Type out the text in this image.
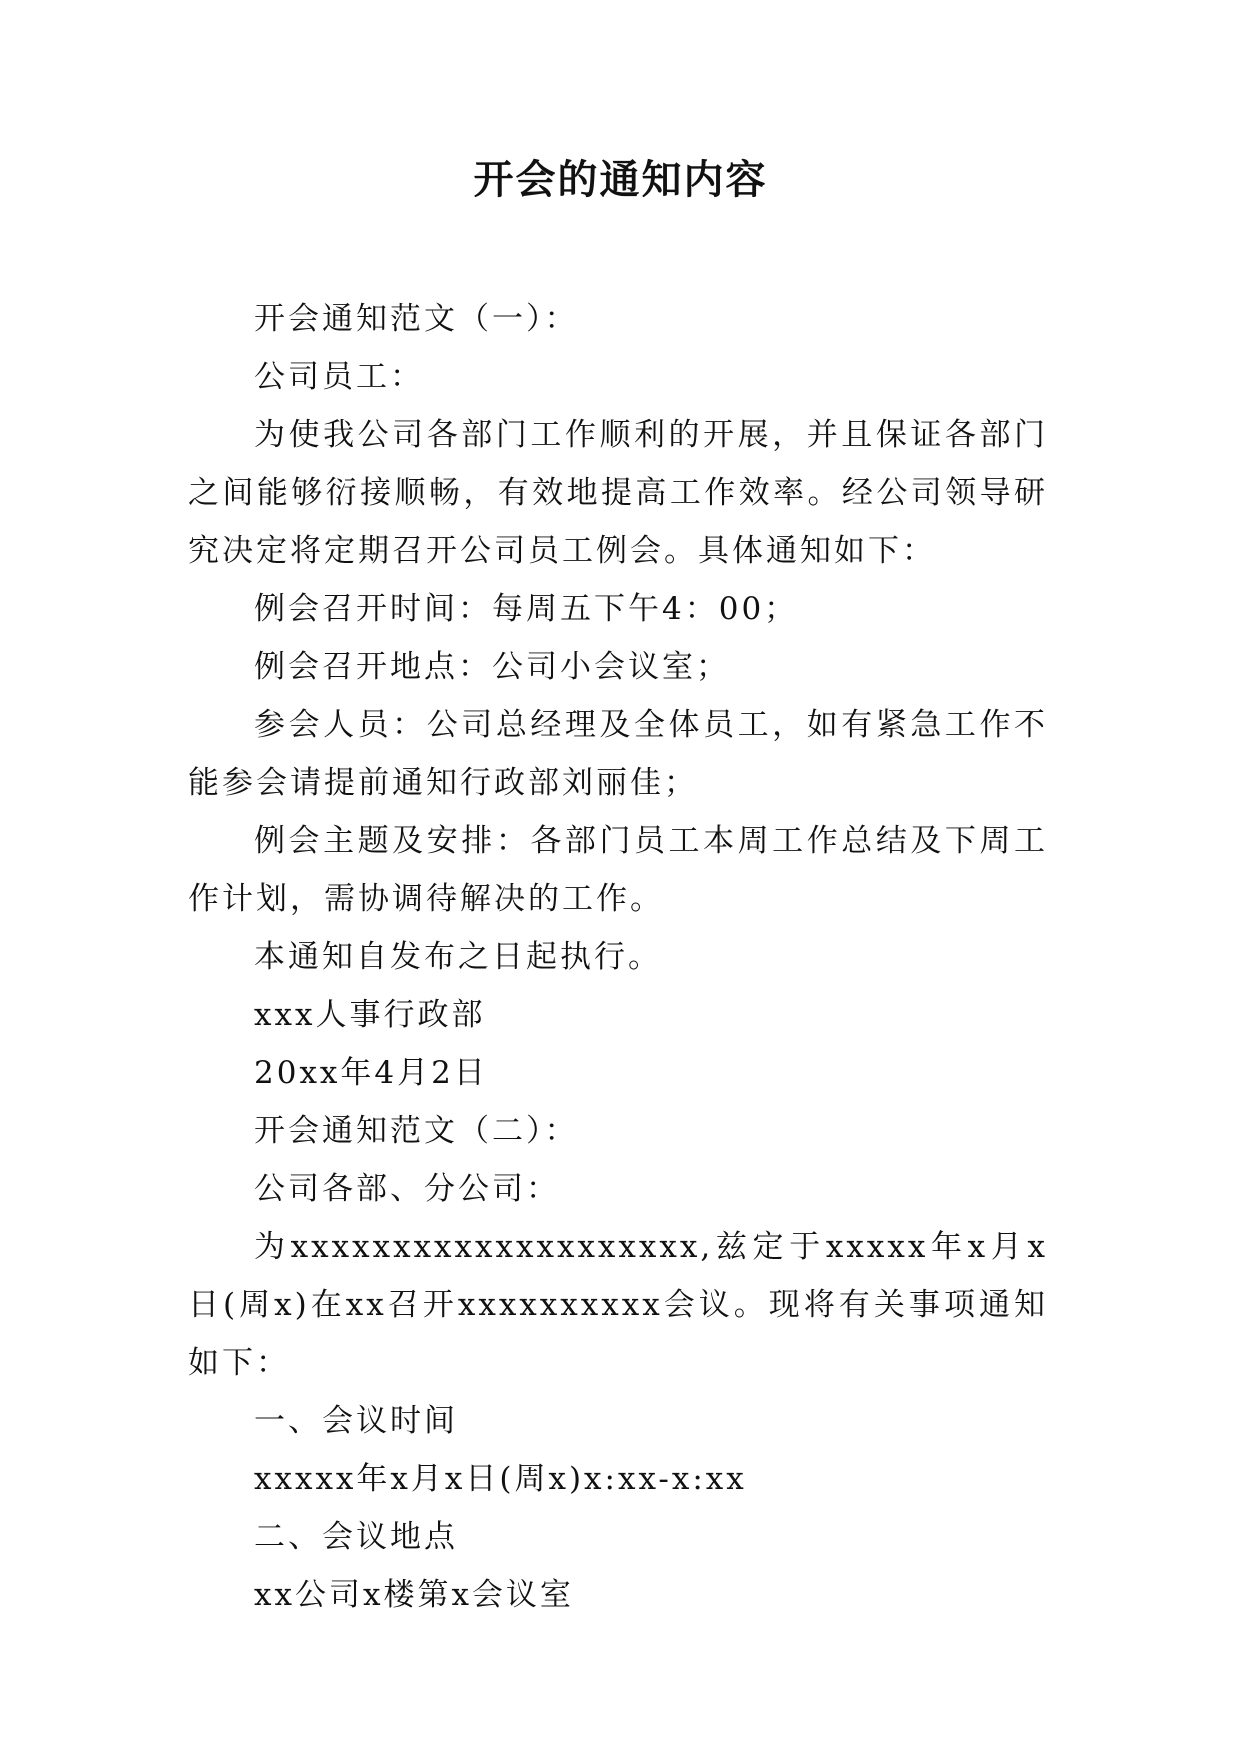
开会的通知内容

开会通知范文（一）：

公司员工：

为使我公司各部门工作顺利的开展，并且保证各部门之间能够衍接顺畅，有效地提高工作效率。经公司领导研究决定将定期召开公司员工例会。具体通知如下：

例会召开时间：每周五下午4：00；

例会召开地点：公司小会议室；

参会人员：公司总经理及全体员工，如有紧急工作不能参会请提前通知行政部刘丽佳；

例会主题及安排：各部门员工本周工作总结及下周工作计划，需协调待解决的工作。

本通知自发布之日起执行。

xxx人事行政部

20xx年4月2日

开会通知范文（二）：

公司各部、分公司：

为xxxxxxxxxxxxxxxxxxxx,兹定于xxxxx年x月x日(周x)在xx召开xxxxxxxxxx会议。现将有关事项通知如下：

一、会议时间

xxxxx年x月x日(周x)x:xx-x:xx

二、会议地点

xx公司x楼第x会议室
